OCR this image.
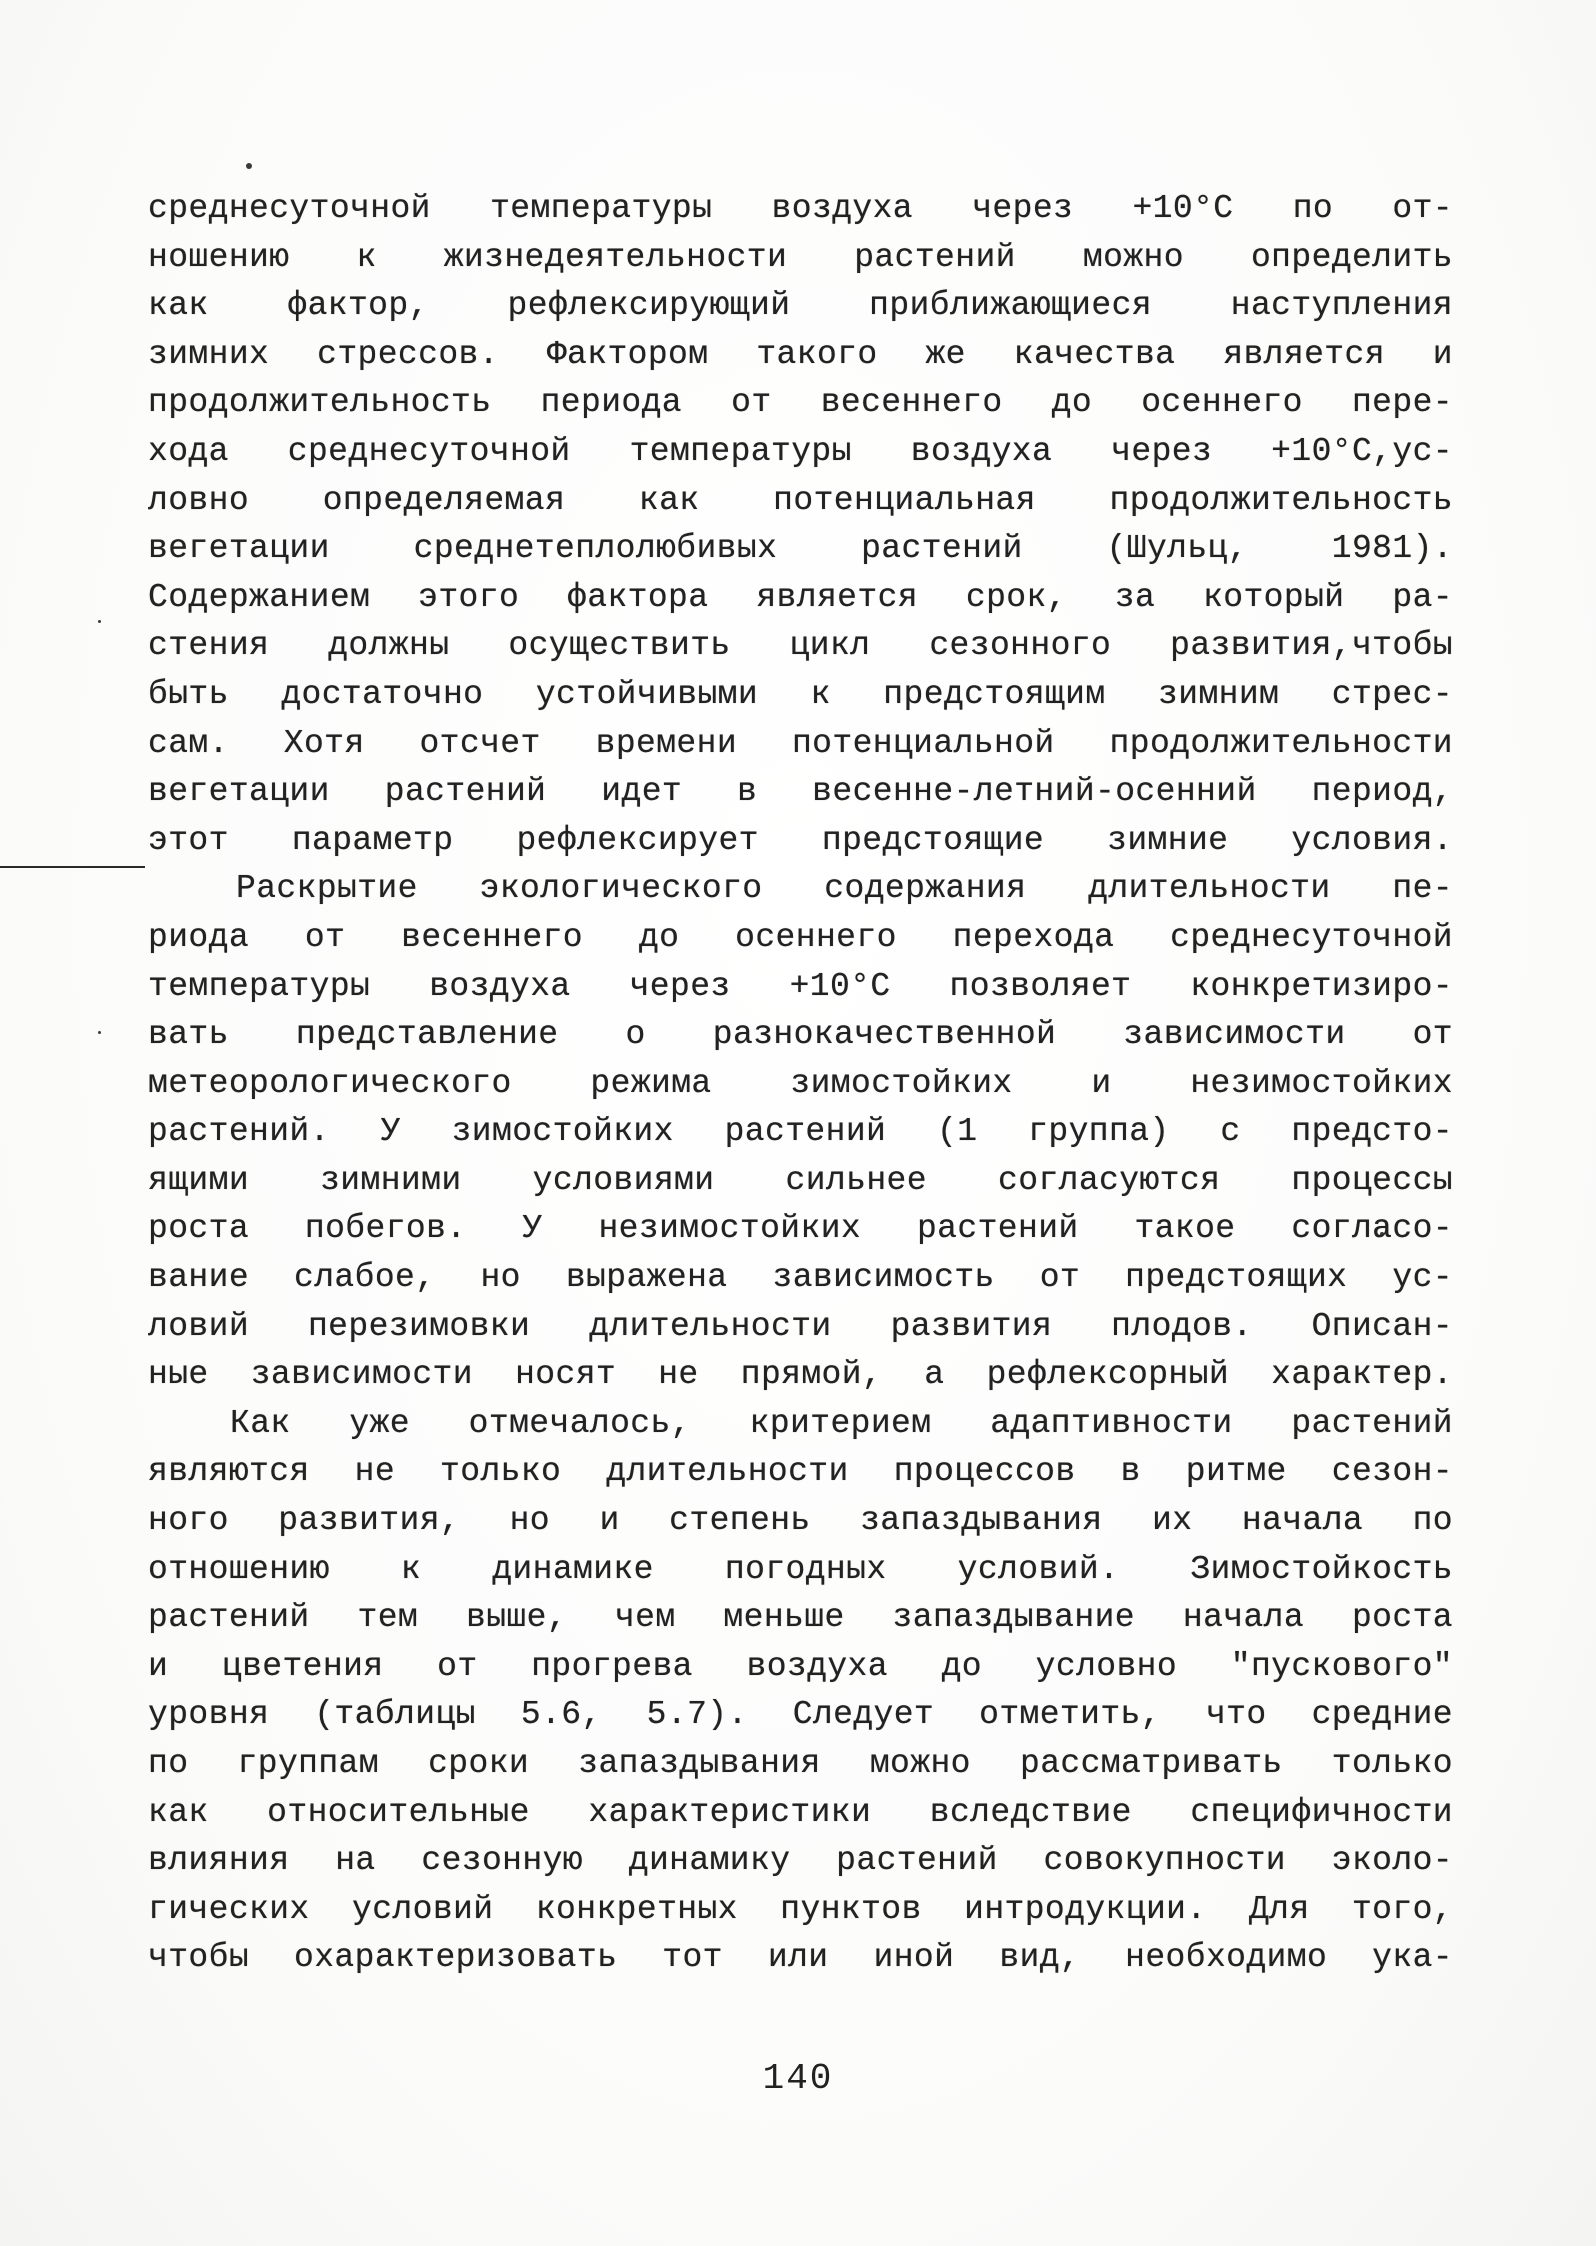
среднесуточной температуры воздуха через +10°С по от-
ношению к жизнедеятельности растений можно определить
как фактор, рефлексирующий приближающиеся наступления
зимних стрессов. Фактором такого же качества является и
продолжительность периода от весеннего до осеннего пере-
хода среднесуточной температуры воздуха через +10°С,ус-
ловно определяемая как потенциальная продолжительность
вегетации среднетеплолюбивых растений (Шульц, 1981).
Содержанием этого фактора является срок, за который ра-
стения должны осуществить цикл сезонного развития,чтобы
быть достаточно устойчивыми к предстоящим зимним стрес-
сам. Хотя отсчет времени потенциальной продолжительности
вегетации растений идет в весенне-летний-осенний период,
этот параметр рефлексирует предстоящие зимние условия.
Раскрытие экологического содержания длительности пе-
риода от весеннего до осеннего перехода среднесуточной
температуры воздуха через +10°С позволяет конкретизиро-
вать представление о разнокачественной зависимости от
метеорологического режима зимостойких и незимостойких
растений. У зимостойких растений (1 группа) с предсто-
ящими зимними условиями сильнее согласуются процессы
роста побегов. У незимостойких растений такое согласо-
вание слабое, но выражена зависимость от предстоящих ус-
ловий перезимовки длительности развития плодов. Описан-
ные зависимости носят не прямой, а рефлексорный характер.
Как уже отмечалось, критерием адаптивности растений
являются не только длительности процессов в ритме сезон-
ного развития, но и степень запаздывания их начала по
отношению к динамике погодных условий. Зимостойкость
растений тем выше, чем меньше запаздывание начала роста
и цветения от прогрева воздуха до условно "пускового"
уровня (таблицы 5.6, 5.7). Следует отметить, что средние
по группам сроки запаздывания можно рассматривать только
как относительные характеристики вследствие специфичности
влияния на сезонную динамику растений совокупности эколо-
гических условий конкретных пунктов интродукции. Для того,
чтобы охарактеризовать тот или иной вид, необходимо ука-
140
